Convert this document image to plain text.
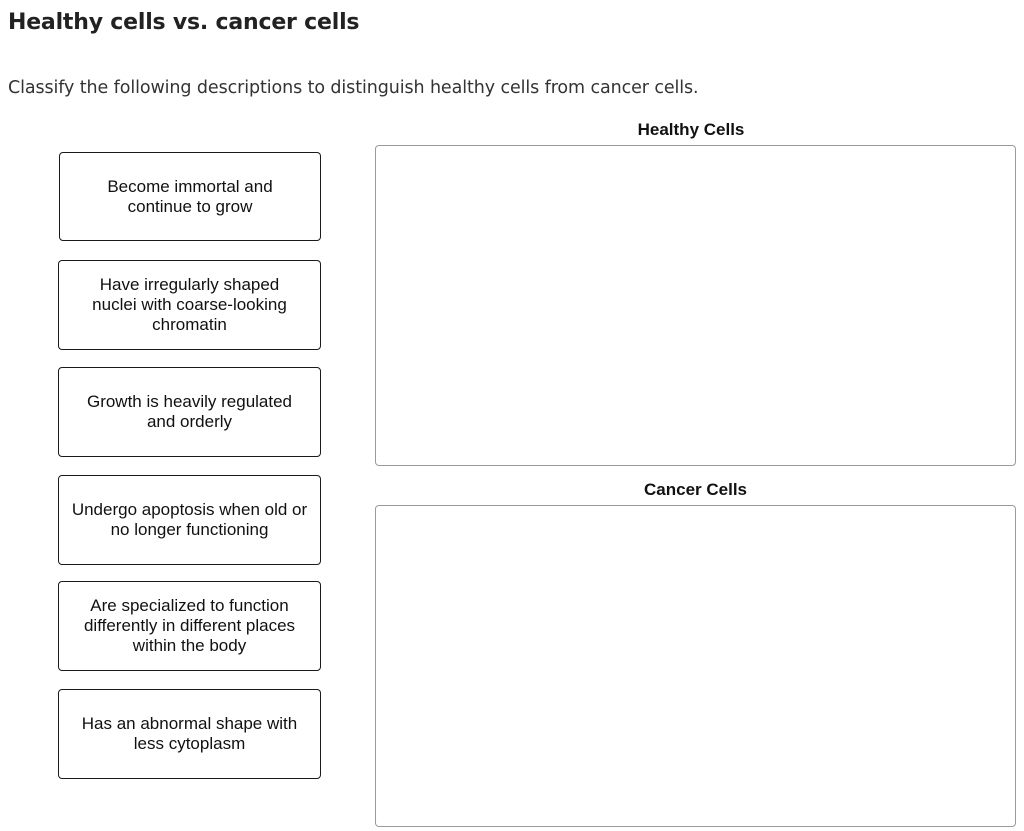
Healthy cells vs. cancer cells
Classify the following descriptions to distinguish healthy cells from cancer cells.
Become immortal and continue to grow
Have irregularly shaped nuclei with coarse-looking chromatin
Growth is heavily regulated and orderly
Undergo apoptosis when old or no longer functioning
Are specialized to function differently in different places within the body
Has an abnormal shape with less cytoplasm
Healthy Cells
Cancer Cells
